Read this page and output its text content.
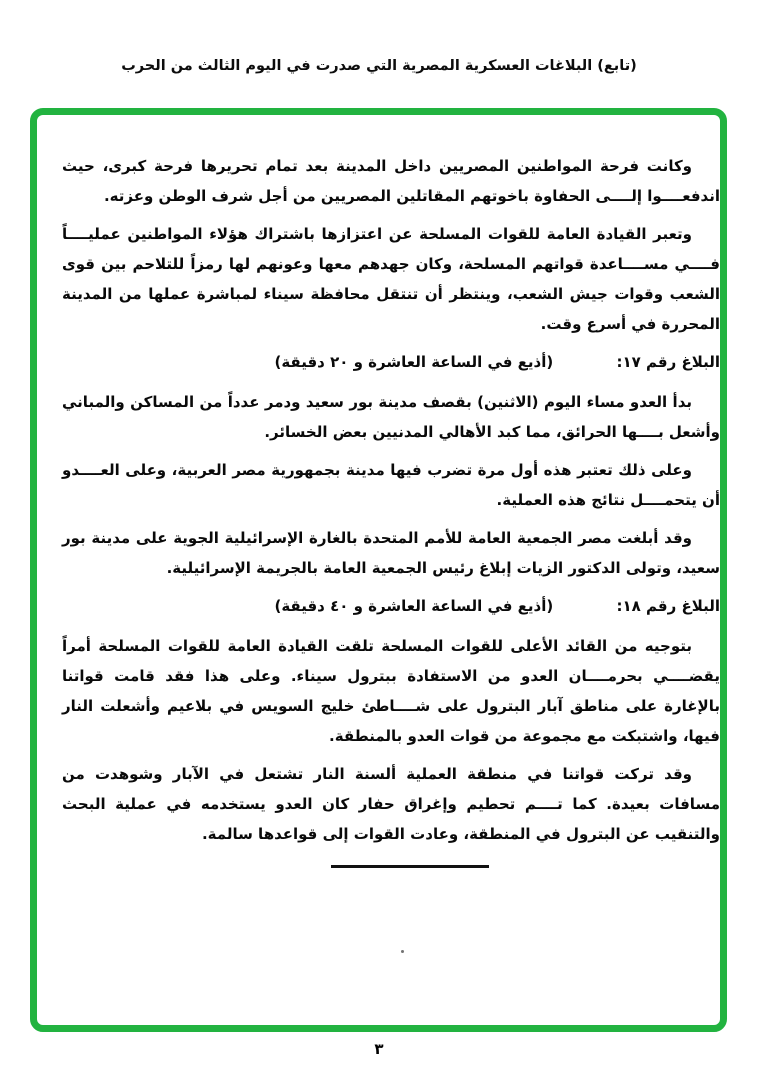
(تابع) البلاغات العسكرية المصرية التي صدرت في اليوم الثالث من الحرب

وكانت فرحة المواطنين المصريين داخل المدينة بعد تمام تحريرها فرحة كبرى، حيث اندفعــــوا إلــــى الحفاوة باخوتهم المقاتلين المصريين من أجل شرف الوطن وعزته.

وتعبر القيادة العامة للقوات المسلحة عن اعتزازها باشتراك هؤلاء المواطنين عمليــــاً فــــي مســــاعدة قواتهم المسلحة، وكان جهدهم معها وعونهم لها رمزاً للتلاحم بين قوى الشعب وقوات جيش الشعب، وينتظر أن تنتقل محافظة سيناء لمباشرة عملها من المدينة المحررة في أسرع وقت.

البلاغ رقم ١٧: (أذيع في الساعة العاشرة و ٢٠ دقيقة)

بدأ العدو مساء اليوم (الاثنين) بقصف مدينة بور سعيد ودمر عدداً من المساكن والمباني وأشعل بــــها الحرائق، مما كبد الأهالي المدنيين بعض الخسائر.

وعلى ذلك تعتبر هذه أول مرة تضرب فيها مدينة بجمهورية مصر العربية، وعلى العــــدو أن يتحمــــل نتائج هذه العملية.

وقد أبلغت مصر الجمعية العامة للأمم المتحدة بالغارة الإسرائيلية الجوية على مدينة بور سعيد، وتولى الدكتور الزيات إبلاغ رئيس الجمعية العامة بالجريمة الإسرائيلية.

البلاغ رقم ١٨: (أذيع في الساعة العاشرة و ٤٠ دقيقة)

بتوجيه من القائد الأعلى للقوات المسلحة تلقت القيادة العامة للقوات المسلحة أمراً يقضــــي بحرمــــان العدو من الاستفادة ببترول سيناء. وعلى هذا فقد قامت قواتنا بالإغارة على مناطق آبار البترول على شــــاطئ خليج السويس في بلاعيم وأشعلت النار فيها، واشتبكت مع مجموعة من قوات العدو بالمنطقة.

وقد تركت قواتنا في منطقة العملية ألسنة النار تشتعل في الآبار وشوهدت من مسافات بعيدة. كما تــــم تحطيم وإغراق حفار كان العدو يستخدمه في عملية البحث والتنقيب عن البترول في المنطقة، وعادت القوات إلى قواعدها سالمة.

٣
